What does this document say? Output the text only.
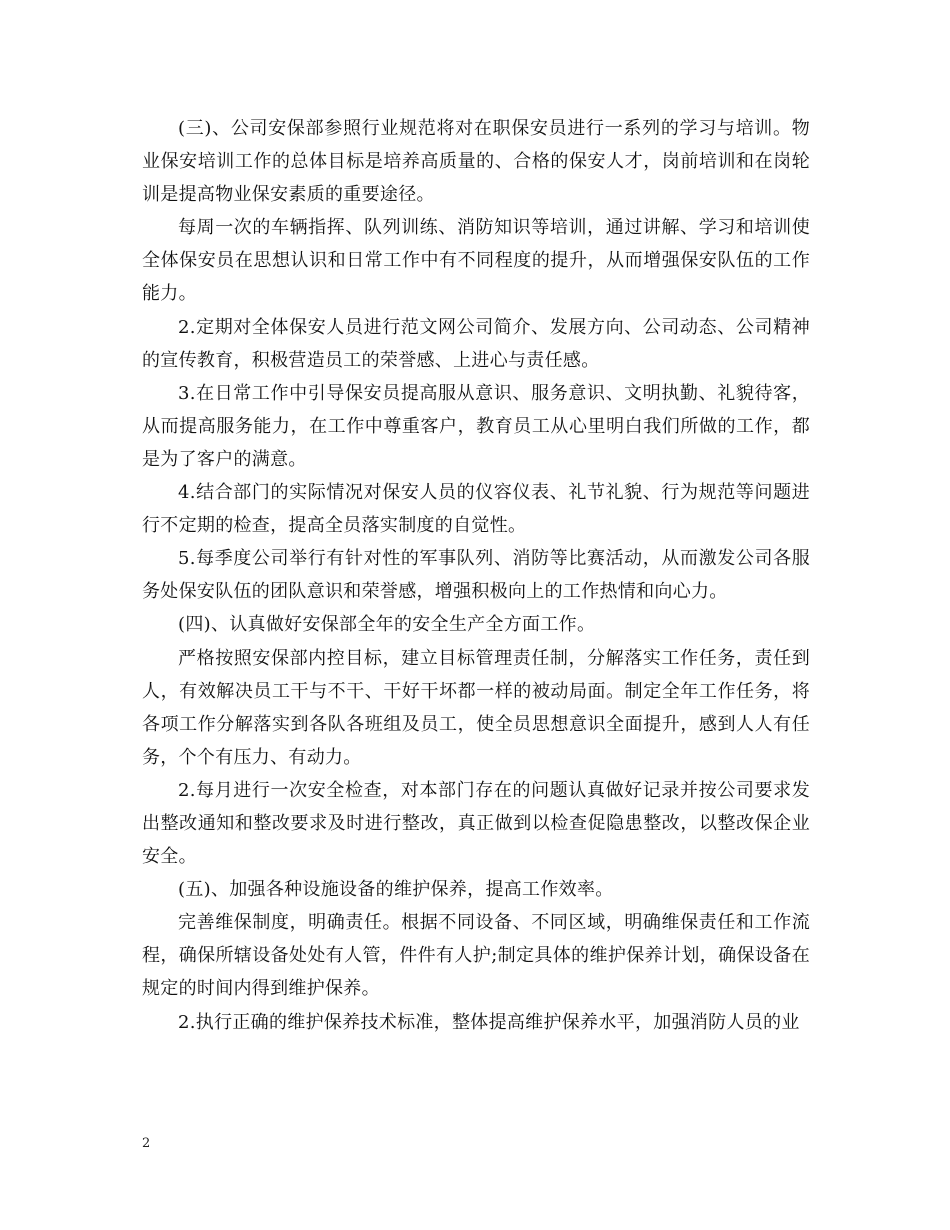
(三)、公司安保部参照行业规范将对在职保安员进行一系列的学习与培训。物业保安培训工作的总体目标是培养高质量的、合格的保安人才，岗前培训和在岗轮训是提高物业保安素质的重要途径。

每周一次的车辆指挥、队列训练、消防知识等培训，通过讲解、学习和培训使全体保安员在思想认识和日常工作中有不同程度的提升，从而增强保安队伍的工作能力。

2.定期对全体保安人员进行范文网公司简介、发展方向、公司动态、公司精神的宣传教育，积极营造员工的荣誉感、上进心与责任感。

3.在日常工作中引导保安员提高服从意识、服务意识、文明执勤、礼貌待客，从而提高服务能力，在工作中尊重客户，教育员工从心里明白我们所做的工作，都是为了客户的满意。

4.结合部门的实际情况对保安人员的仪容仪表、礼节礼貌、行为规范等问题进行不定期的检查，提高全员落实制度的自觉性。

5.每季度公司举行有针对性的军事队列、消防等比赛活动，从而激发公司各服务处保安队伍的团队意识和荣誉感，增强积极向上的工作热情和向心力。

(四)、认真做好安保部全年的安全生产全方面工作。

严格按照安保部内控目标，建立目标管理责任制，分解落实工作任务，责任到人，有效解决员工干与不干、干好干坏都一样的被动局面。制定全年工作任务，将各项工作分解落实到各队各班组及员工，使全员思想意识全面提升，感到人人有任务，个个有压力、有动力。

2.每月进行一次安全检查，对本部门存在的问题认真做好记录并按公司要求发出整改通知和整改要求及时进行整改，真正做到以检查促隐患整改，以整改保企业安全。

(五)、加强各种设施设备的维护保养，提高工作效率。

完善维保制度，明确责任。根据不同设备、不同区域，明确维保责任和工作流程，确保所辖设备处处有人管，件件有人护;制定具体的维护保养计划，确保设备在规定的时间内得到维护保养。

2.执行正确的维护保养技术标准，整体提高维护保养水平，加强消防人员的业

2
